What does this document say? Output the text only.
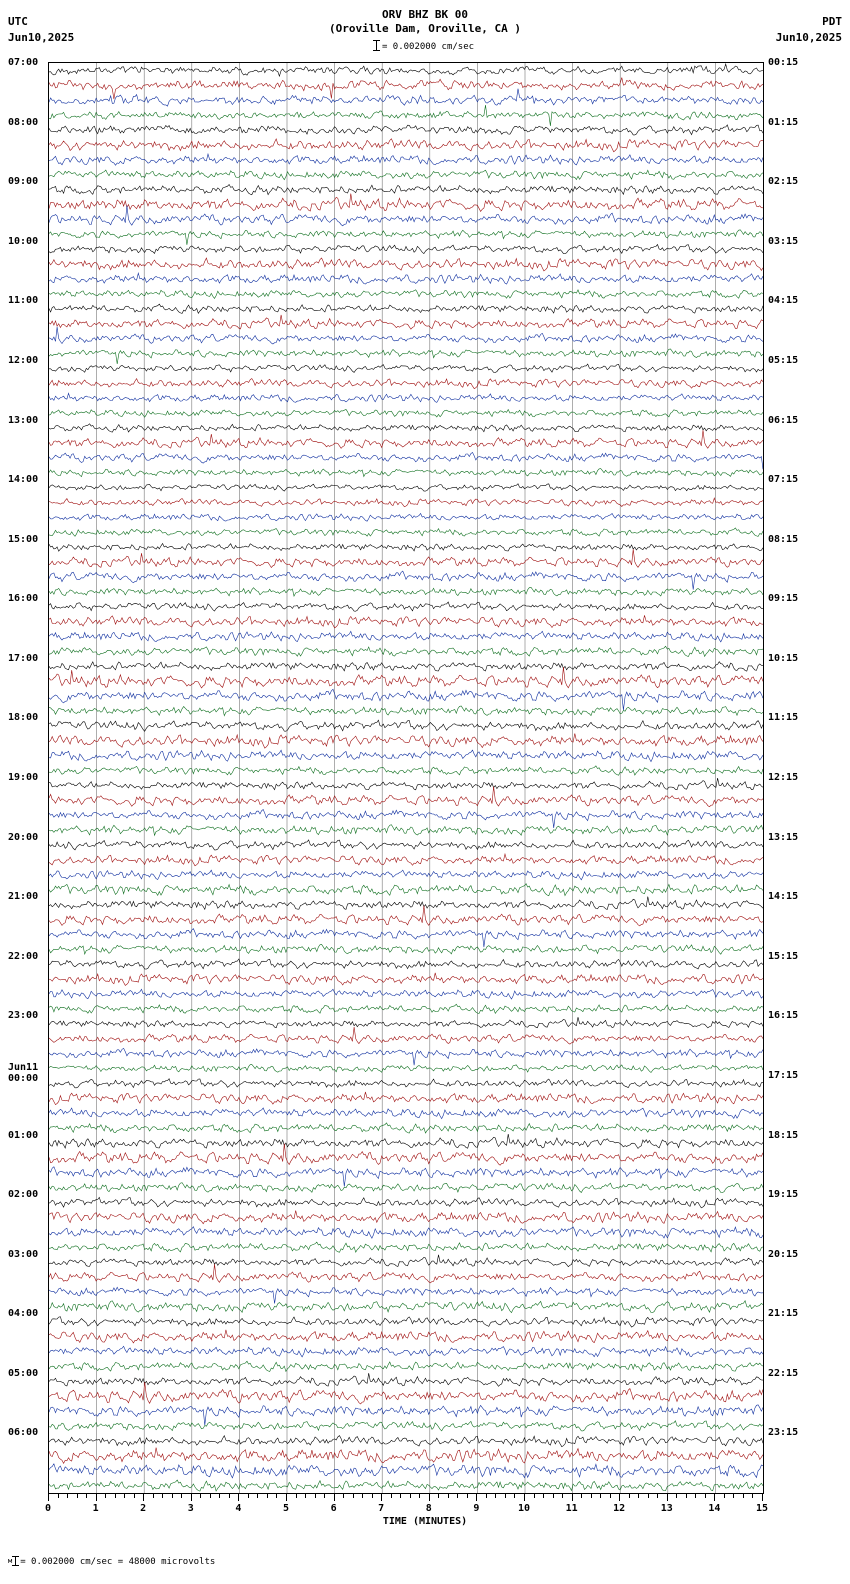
UTC
Jun10,2025
ORV BHZ BK 00
(Oroville Dam, Oroville, CA )
PDT
Jun10,2025
= 0.002000 cm/sec
07:00
08:00
09:00
10:00
11:00
12:00
13:00
14:00
15:00
16:00
17:00
18:00
19:00
20:00
21:00
22:00
23:00
Jun11
00:00
01:00
02:00
03:00
04:00
05:00
06:00
00:15
01:15
02:15
03:15
04:15
05:15
06:15
07:15
08:15
09:15
10:15
11:15
12:15
13:15
14:15
15:15
16:15
17:15
18:15
19:15
20:15
21:15
22:15
23:15
0	1	2	3	4	5	6	7	8	9	10	11	12	13	14	15
TIME (MINUTES)
м = 0.002000 cm/sec = 48000 microvolts
